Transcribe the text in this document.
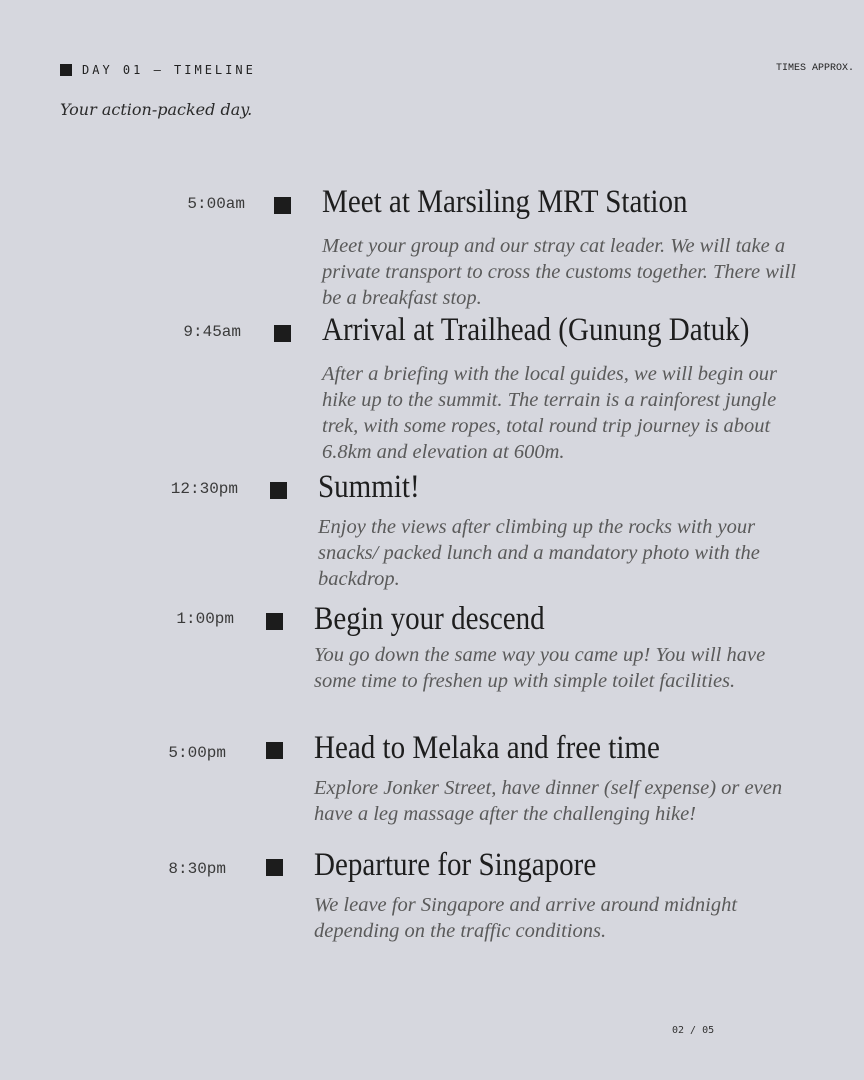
DAY 01 — TIMELINE	TIMES APPROX.
Your action-packed day.
5:00am Meet at Marsiling MRT Station
Meet your group and our stray cat leader. We will take a private transport to cross the customs together. There will be a breakfast stop.
9:45am Arrival at Trailhead (Gunung Datuk)
After a briefing with the local guides, we will begin our hike up to the summit. The terrain is a rainforest jungle trek, with some ropes, total round trip journey is about 6.8km and elevation at 600m.
12:30pm Summit!
Enjoy the views after climbing up the rocks with your snacks/ packed lunch and a mandatory photo with the backdrop.
1:00pm Begin your descend
You go down the same way you came up! You will have some time to freshen up with simple toilet facilities.
5:00pm	Head to Melaka and free time
Explore Jonker Street, have dinner (self expense) or even have a leg massage after the challenging hike!
8:30pm	Departure for Singapore
We leave for Singapore and arrive around midnight depending on the traffic conditions.
02 / 05
